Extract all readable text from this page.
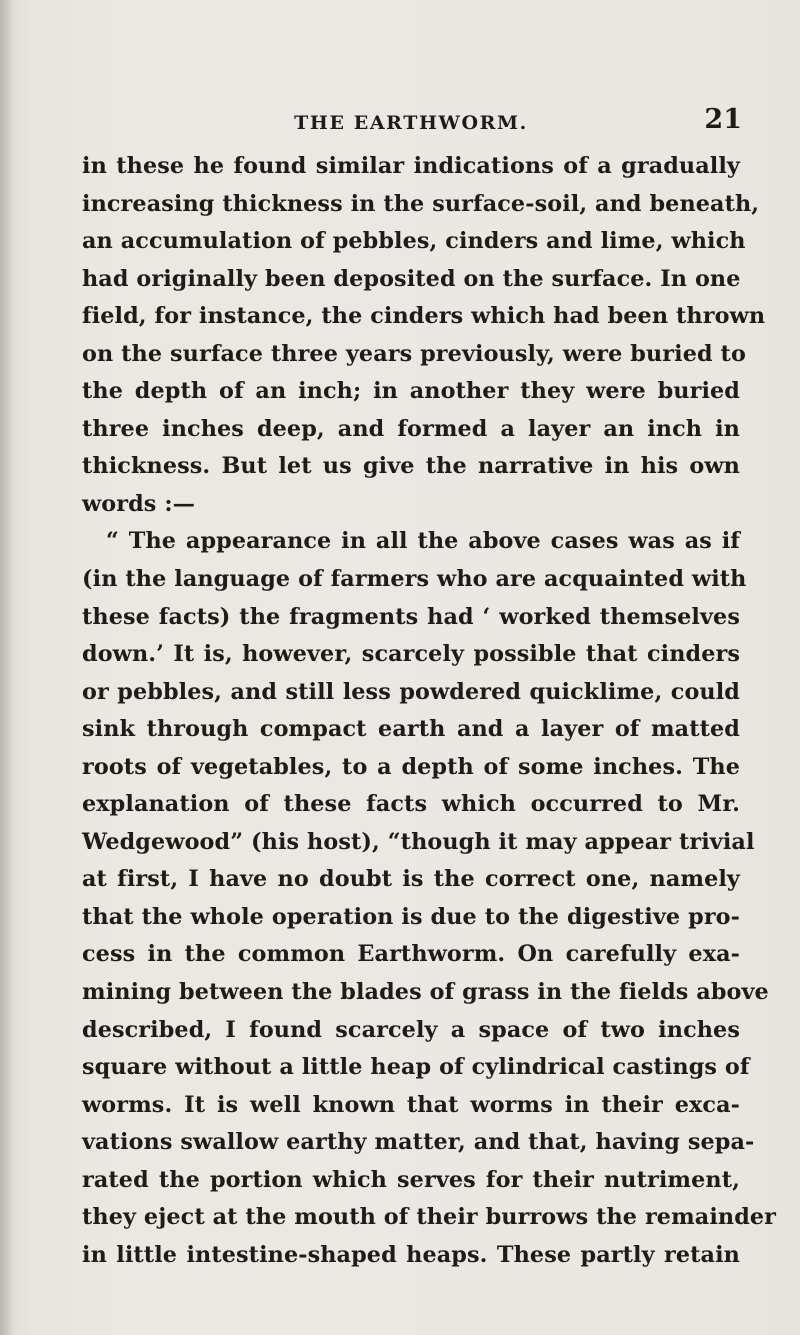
THE EARTHWORM.	21
in these he found similar indications of a gradually
increasing thickness in the surface-soil, and beneath,
an accumulation of pebbles, cinders and lime, which
had originally been deposited on the surface. In one
field, for instance, the cinders which had been thrown
on the surface three years previously, were buried to
the depth of an inch; in another they were buried
three inches deep, and formed a layer an inch in
thickness. But let us give the narrative in his own
words :—
“ The appearance in all the above cases was as if
(in the language of farmers who are acquainted with
these facts) the fragments had ‘ worked themselves
down.’ It is, however, scarcely possible that cinders
or pebbles, and still less powdered quicklime, could
sink through compact earth and a layer of matted
roots of vegetables, to a depth of some inches. The
explanation of these facts which occurred to Mr.
Wedgewood” (his host), “though it may appear trivial
at first, I have no doubt is the correct one, namely
that the whole operation is due to the digestive pro-
cess in the common Earthworm. On carefully exa-
mining between the blades of grass in the fields above
described, I found scarcely a space of two inches
square without a little heap of cylindrical castings of
worms. It is well known that worms in their exca-
vations swallow earthy matter, and that, having sepa-
rated the portion which serves for their nutriment,
they eject at the mouth of their burrows the remainder
in little intestine-shaped heaps. These partly retain
